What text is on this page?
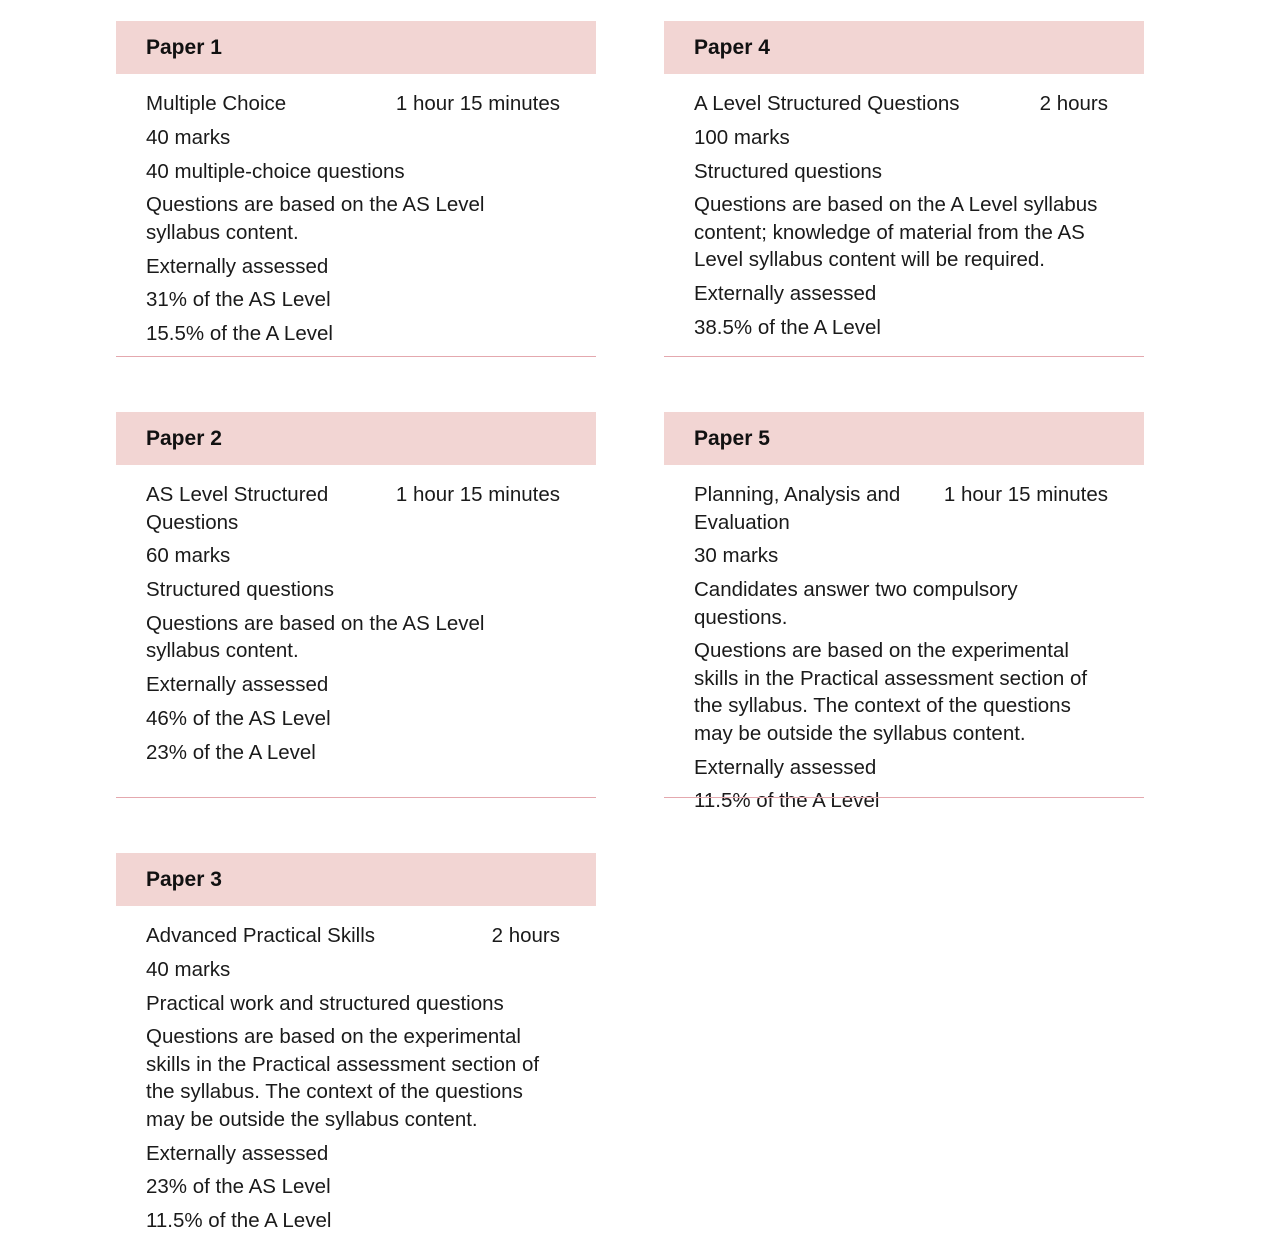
Paper 1
Multiple Choice	1 hour 15 minutes

40 marks

40 multiple-choice questions

Questions are based on the AS Level syllabus content.

Externally assessed

31% of the AS Level

15.5% of the A Level

Paper 4
A Level Structured Questions	2 hours

100 marks

Structured questions

Questions are based on the A Level syllabus content; knowledge of material from the AS Level syllabus content will be required.

Externally assessed

38.5% of the A Level

Paper 2
AS Level Structured Questions
1 hour 15 minutes

60 marks

Structured questions

Questions are based on the AS Level syllabus content.

Externally assessed

46% of the AS Level

23% of the A Level

Paper 5
Planning, Analysis and Evaluation
1 hour 15 minutes

30 marks

Candidates answer two compulsory questions.

Questions are based on the experimental skills in the Practical assessment section of the syllabus. The context of the questions may be outside the syllabus content.

Externally assessed

11.5% of the A Level

Paper 3
Advanced Practical Skills	2 hours

40 marks

Practical work and structured questions

Questions are based on the experimental skills in the Practical assessment section of the syllabus. The context of the questions may be outside the syllabus content.

Externally assessed

23% of the AS Level

11.5% of the A Level
